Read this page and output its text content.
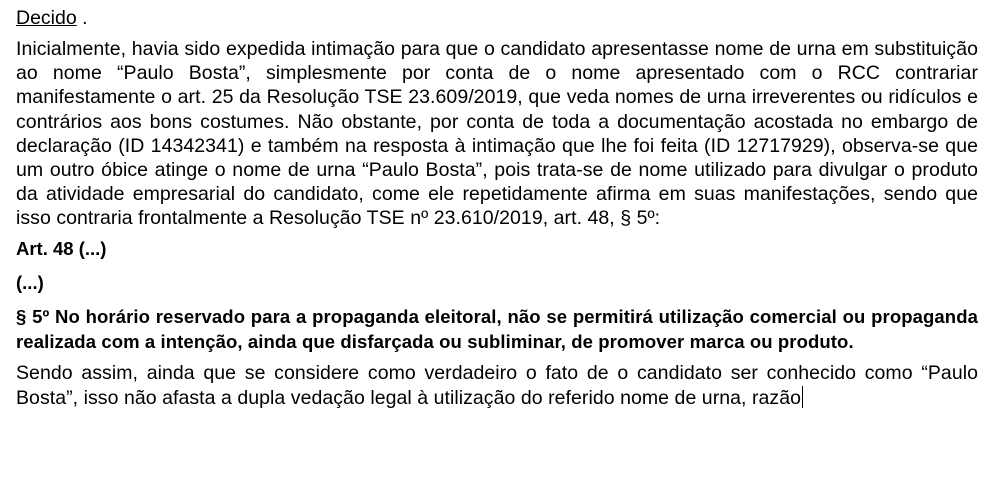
Decido .

Inicialmente, havia sido expedida intimação para que o candidato apresentasse nome de urna em substituição ao nome “Paulo Bosta”, simplesmente por conta de o nome apresentado com o RCC contrariar manifestamente o art. 25 da Resolução TSE 23.609/2019, que veda nomes de urna irreverentes ou ridículos e contrários aos bons costumes. Não obstante, por conta de toda a documentação acostada no embargo de declaração (ID 14342341) e também na resposta à intimação que lhe foi feita (ID 12717929), observa-se que um outro óbice atinge o nome de urna “Paulo Bosta”, pois trata-se de nome utilizado para divulgar o produto da atividade empresarial do candidato, come ele repetidamente afirma em suas manifestações, sendo que isso contraria frontalmente a Resolução TSE nº 23.610/2019, art. 48, § 5º:

Art. 48 (...)
(...)
§ 5º No horário reservado para a propaganda eleitoral, não se permitirá utilização comercial ou propaganda realizada com a intenção, ainda que disfarçada ou subliminar, de promover marca ou produto.

Sendo assim, ainda que se considere como verdadeiro o fato de o candidato ser conhecido como “Paulo Bosta”, isso não afasta a dupla vedação legal à utilização do referido nome de urna, razão
